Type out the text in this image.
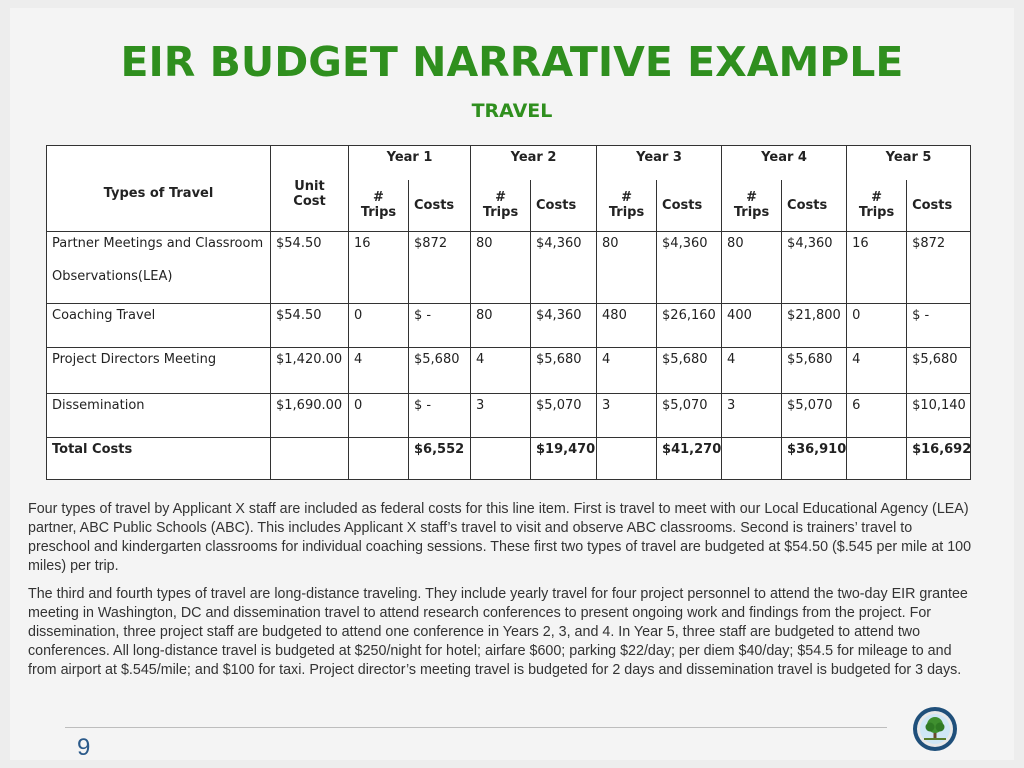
EIR BUDGET NARRATIVE EXAMPLE
TRAVEL
Types of Travel	Unit Cost	Year 1		Year 2		Year 3		Year 4		Year 5	
		# Trips	Costs	# Trips	Costs	# Trips	Costs	# Trips	Costs	# Trips	Costs

Partner Meetings and Classroom
Observations(LEA)	$54.50	16	$872	80	$4,360	80	$4,360	80	$4,360	16	$872
Coaching Travel	$54.50	0	$ -	80	$4,360	480	$26,160	400	$21,800	0	$ -
Project Directors Meeting	$1,420.00	4	$5,680	4	$5,680	4	$5,680	4	$5,680	4	$5,680
Dissemination	$1,690.00	0	$ -	3	$5,070	3	$5,070	3	$5,070	6	$10,140
Total Costs			$6,552		$19,470		$41,270		$36,910		$16,692

Four types of travel by Applicant X staff are included as federal costs for this line item. First is travel to meet with our Local Educational Agency (LEA) partner, ABC Public Schools (ABC). This includes Applicant X staff’s travel to visit and observe ABC classrooms. Second is trainers’ travel to preschool and kindergarten classrooms for individual coaching sessions. These first two types of travel are budgeted at $54.50 ($.545 per mile at 100 miles) per trip.

The third and fourth types of travel are long-distance traveling. They include yearly travel for four project personnel to attend the two-day EIR grantee meeting in Washington, DC and dissemination travel to attend research conferences to present ongoing work and findings from the project. For dissemination, three project staff are budgeted to attend one conference in Years 2, 3, and 4. In Year 5, three staff are budgeted to attend two conferences. All long-distance travel is budgeted at $250/night for hotel; airfare $600; parking $22/day; per diem $40/day; $54.5 for mileage to and from airport at $.545/mile; and $100 for taxi. Project director’s meeting travel is budgeted for 2 days and dissemination travel is budgeted for 3 days.

9
